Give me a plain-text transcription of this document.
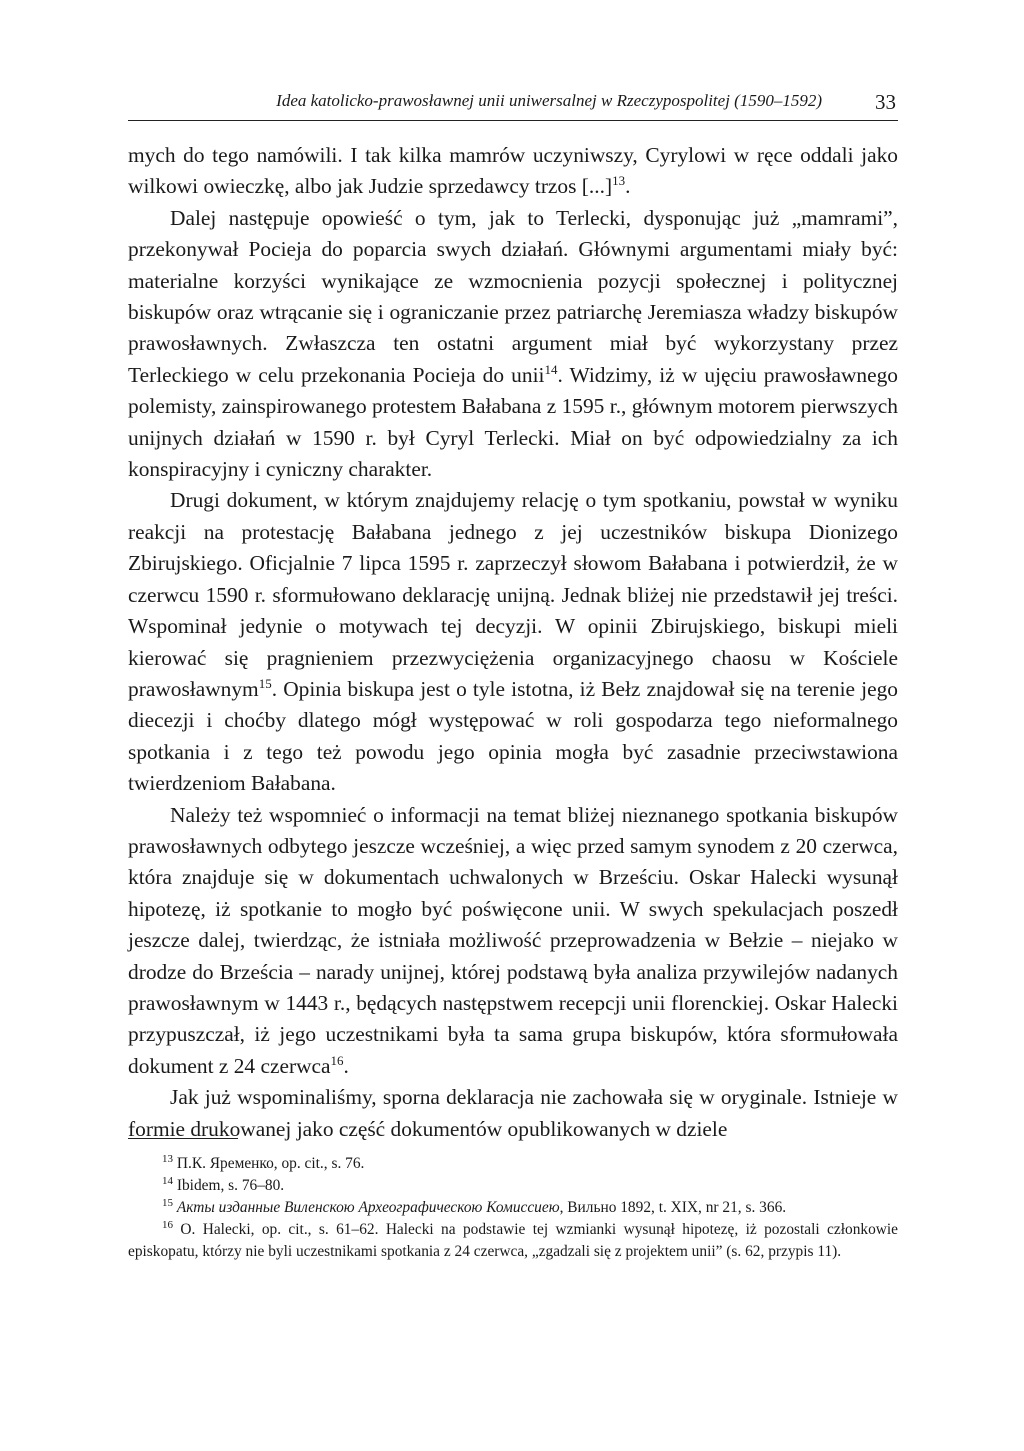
Idea katolicko-prawosławnej unii uniwersalnej w Rzeczypospolitej (1590–1592)	33

mych do tego namówili. I tak kilka mamrów uczyniwszy, Cyrylowi w ręce oddali jako wilkowi owieczkę, albo jak Judzie sprzedawcy trzos [...]$^{13}$.

Dalej następuje opowieść o tym, jak to Terlecki, dysponując już „mamrami”, przekonywał Pocieja do poparcia swych działań. Głównymi argumentami miały być: materialne korzyści wynikające ze wzmocnienia pozycji społecznej i politycznej biskupów oraz wtrącanie się i ograniczanie przez patriarchę Jeremiasza władzy biskupów prawosławnych. Zwłaszcza ten ostatni argument miał być wykorzystany przez Terleckiego w celu przekonania Pocieja do unii$^{14}$. Widzimy, iż w ujęciu prawosławnego polemisty, zainspirowanego protestem Bałabana z 1595 r., głównym motorem pierwszych unijnych działań w 1590 r. był Cyryl Terlecki. Miał on być odpowiedzialny za ich konspiracyjny i cyniczny charakter.

Drugi dokument, w którym znajdujemy relację o tym spotkaniu, powstał w wyniku reakcji na protestację Bałabana jednego z jej uczestników biskupa Dionizego Zbirujskiego. Oficjalnie 7 lipca 1595 r. zaprzeczył słowom Bałabana i potwierdził, że w czerwcu 1590 r. sformułowano deklarację unijną. Jednak bliżej nie przedstawił jej treści. Wspominał jedynie o motywach tej decyzji. W opinii Zbirujskiego, biskupi mieli kierować się pragnieniem przezwyciężenia organizacyjnego chaosu w Kościele prawosławnym$^{15}$. Opinia biskupa jest o tyle istotna, iż Bełz znajdował się na terenie jego diecezji i choćby dlatego mógł występować w roli gospodarza tego nieformalnego spotkania i z tego też powodu jego opinia mogła być zasadnie przeciwstawiona twierdzeniom Bałabana.

Należy też wspomnieć o informacji na temat bliżej nieznanego spotkania biskupów prawosławnych odbytego jeszcze wcześniej, a więc przed samym synodem z 20 czerwca, która znajduje się w dokumentach uchwalonych w Brześciu. Oskar Halecki wysunął hipotezę, iż spotkanie to mogło być poświęcone unii. W swych spekulacjach poszedł jeszcze dalej, twierdząc, że istniała możliwość przeprowadzenia w Bełzie – niejako w drodze do Brześcia – narady unijnej, której podstawą była analiza przywilejów nadanych prawosławnym w 1443 r., będących następstwem recepcji unii florenckiej. Oskar Halecki przypuszczał, iż jego uczestnikami była ta sama grupa biskupów, która sformułowała dokument z 24 czerwca$^{16}$.

Jak już wspominaliśmy, sporna deklaracja nie zachowała się w oryginale. Istnieje w formie drukowanej jako część dokumentów opublikowanych w dziele

$^{13}$ П.К. Яременко, op. cit., s. 76.

$^{14}$ Ibidem, s. 76–80.

$^{15}$ Акты изданные Виленскою Археографическою Комиссиею, Вильно 1892, t. XIX, nr 21, s. 366.

$^{16}$ O. Halecki, op. cit., s. 61–62. Halecki na podstawie tej wzmianki wysunął hipotezę, iż pozostali członkowie episkopatu, którzy nie byli uczestnikami spotkania z 24 czerwca, „zgadzali się z projektem unii” (s. 62, przypis 11).
